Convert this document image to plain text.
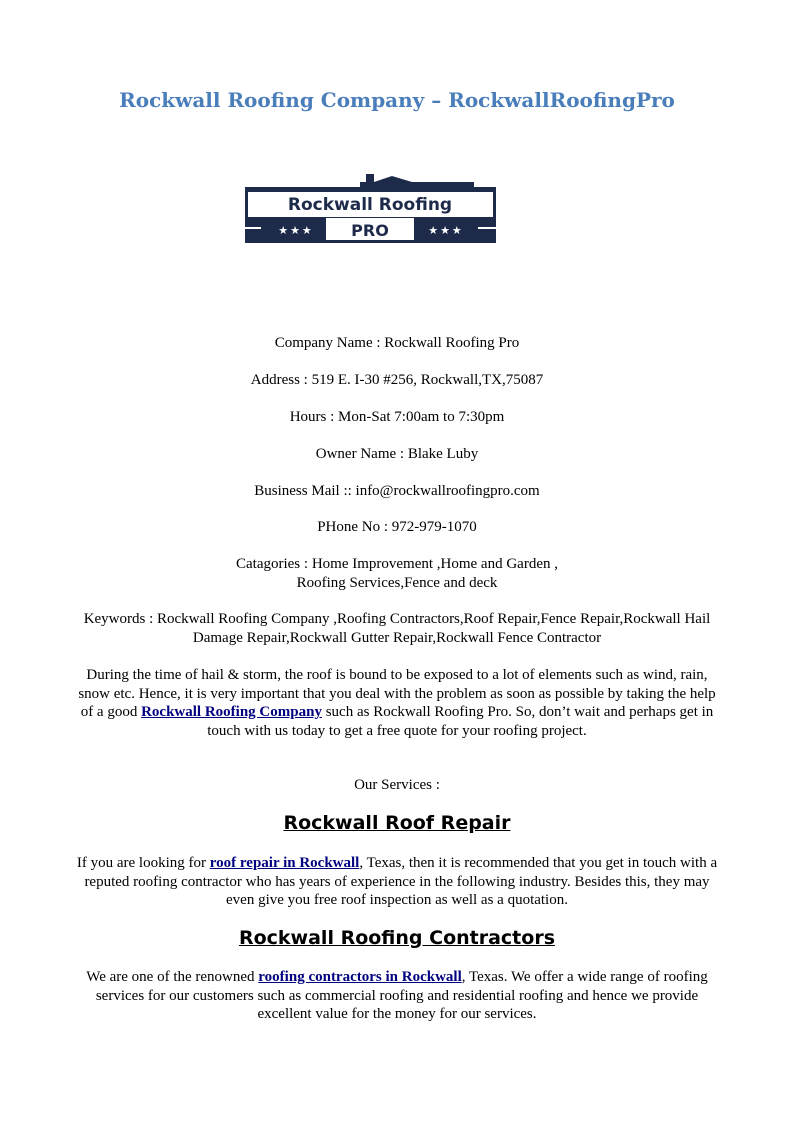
Rockwall Roofing Company – RockwallRoofingPro
Rockwall Roofing
PRO
★★★	★★★

Company Name : Rockwall Roofing Pro

Address : 519 E. I-30 #256, Rockwall,TX,75087

Hours : Mon-Sat 7:00am to 7:30pm

Owner Name : Blake Luby

Business Mail :: info@rockwallroofingpro.com

PHone No : 972-979-1070

Catagories : Home Improvement ,Home and Garden ,
Roofing Services,Fence and deck

Keywords : Rockwall Roofing Company ,Roofing Contractors,Roof Repair,Fence Repair,Rockwall Hail Damage Repair,Rockwall Gutter Repair,Rockwall Fence Contractor

During the time of hail & storm, the roof is bound to be exposed to a lot of elements such as wind, rain, snow etc. Hence, it is very important that you deal with the problem as soon as possible by taking the help of a good Rockwall Roofing Company such as Rockwall Roofing Pro. So, don’t wait and perhaps get in touch with us today to get a free quote for your roofing project.

Our Services :

Rockwall Roof Repair

If you are looking for roof repair in Rockwall, Texas, then it is recommended that you get in touch with a reputed roofing contractor who has years of experience in the following industry. Besides this, they may even give you free roof inspection as well as a quotation.

Rockwall Roofing Contractors

We are one of the renowned roofing contractors in Rockwall, Texas. We offer a wide range of roofing services for our customers such as commercial roofing and residential roofing and hence we provide excellent value for the money for our services.
